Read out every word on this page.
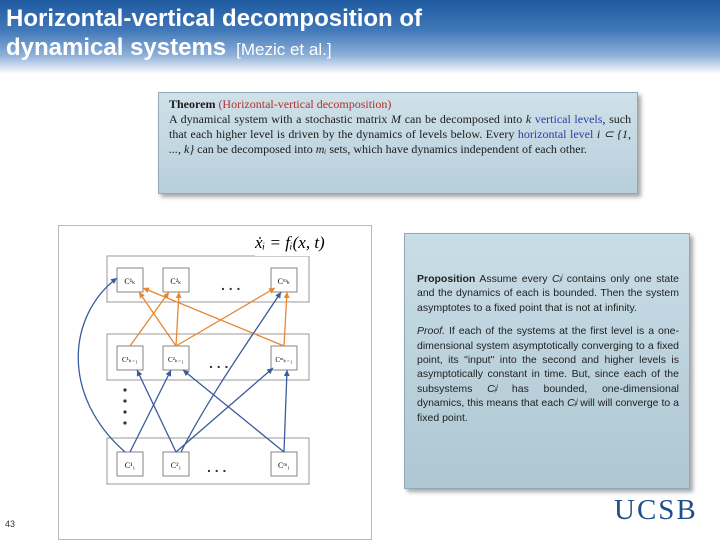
Horizontal-vertical decomposition of
dynamical systems [Mezic et al.]
Theorem (Horizontal-vertical decomposition)
A dynamical system with a stochastic matrix M can be decomposed into k vertical levels, such that each higher level is driven by the dynamics of levels below. Every horizontal level i ⊂ {1, ..., k} can be decomposed into mᵢ sets, which have dynamics independent of each other.
C¹ₖ	C²ₖ	Cᵐₖ
C¹ₖ₋₁	C²ₖ₋₁	Cᵐₖ₋₁
C¹₁	C²₁	Cᵐ₁
. . .
. . .
. . .
ẋᵢ = fᵢ(x, t)

Proposition Assume every Cᵢʲ contains only one state and the dynamics of each is bounded. Then the system asymptotes to a fixed point that is not at infinity.

Proof. If each of the systems at the first level is a one-dimensional system asymptotically converging to a fixed point, its "input" into the second and higher levels is asymptotically constant in time. But, since each of the subsystems Cᵢʲ has bounded, one-dimensional dynamics, this means that each Cᵢʲ will will converge to a fixed point.

43	UCSB
